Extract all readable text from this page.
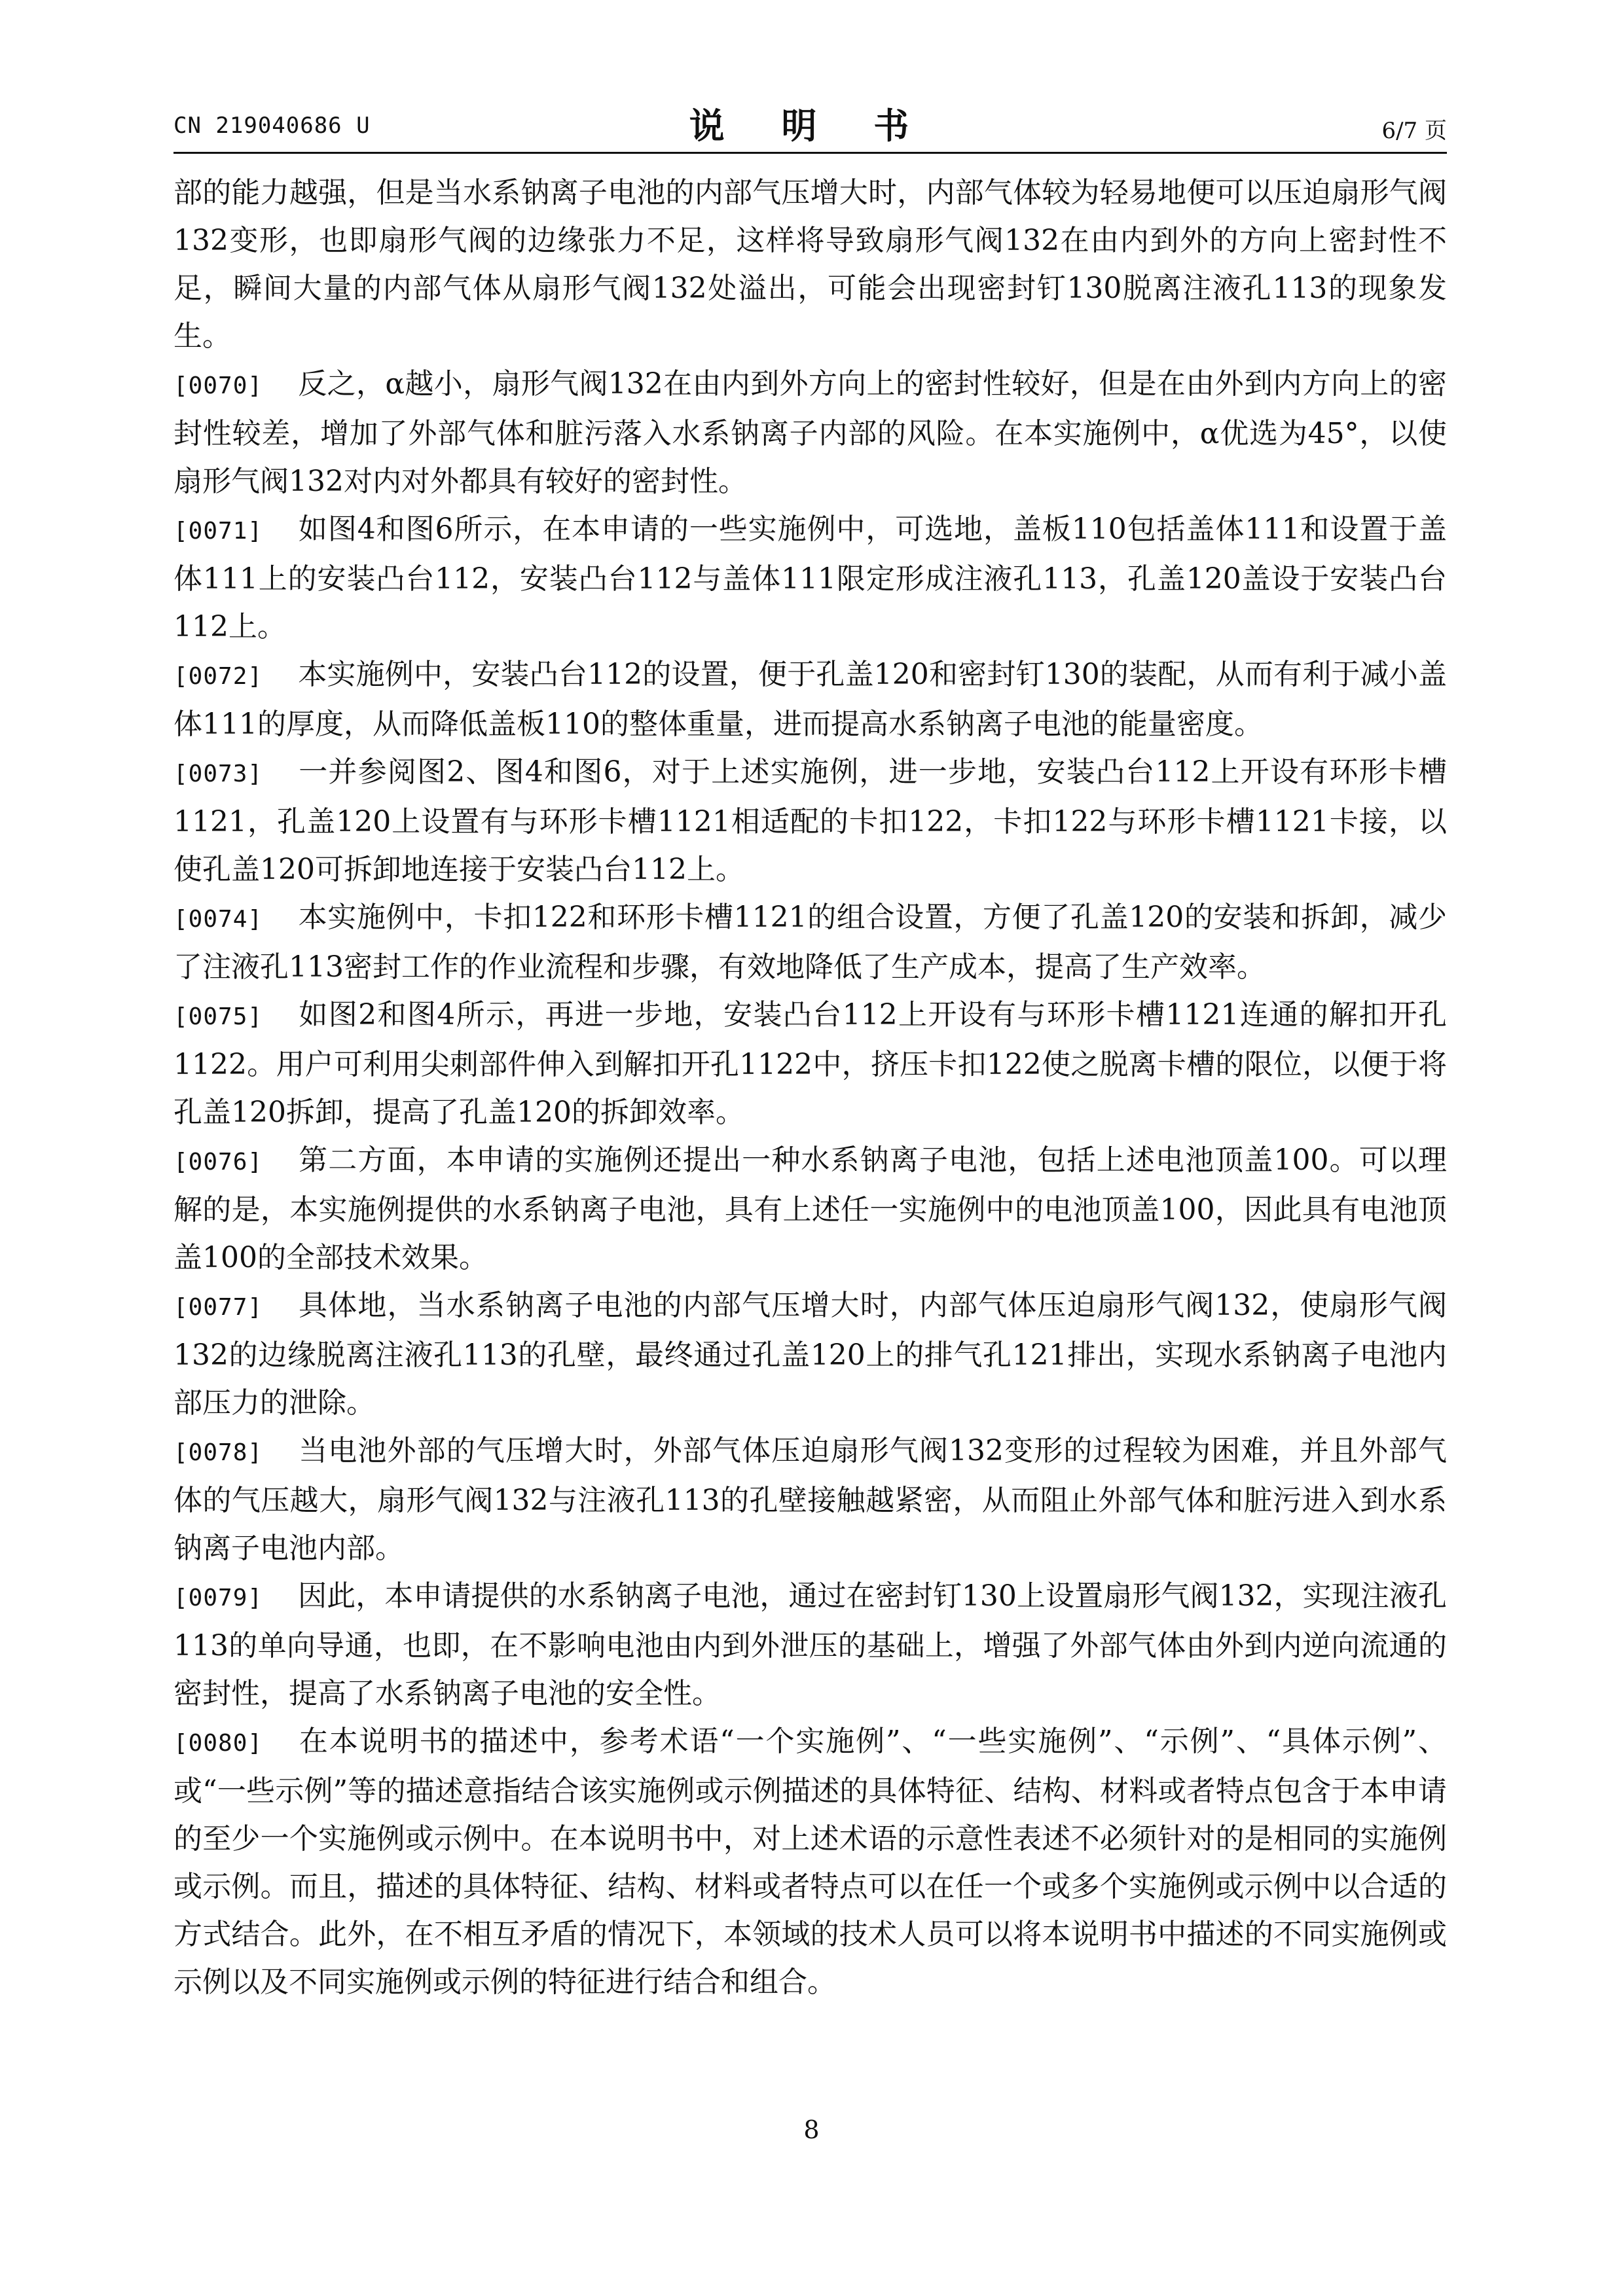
CN 219040686 U	说 明 书	6/7 页

部的能力越强，但是当水系钠离子电池的内部气压增大时，内部气体较为轻易地便可以压迫扇形气阀132变形，也即扇形气阀的边缘张力不足，这样将导致扇形气阀132在由内到外的方向上密封性不足，瞬间大量的内部气体从扇形气阀132处溢出，可能会出现密封钉130脱离注液孔113的现象发生。

[0070] 反之，α越小，扇形气阀132在由内到外方向上的密封性较好，但是在由外到内方向上的密封性较差，增加了外部气体和脏污落入水系钠离子内部的风险。在本实施例中，α优选为45°，以使扇形气阀132对内对外都具有较好的密封性。

[0071] 如图4和图6所示，在本申请的一些实施例中，可选地，盖板110包括盖体111和设置于盖体111上的安装凸台112，安装凸台112与盖体111限定形成注液孔113，孔盖120盖设于安装凸台112上。

[0072] 本实施例中，安装凸台112的设置，便于孔盖120和密封钉130的装配，从而有利于减小盖体111的厚度，从而降低盖板110的整体重量，进而提高水系钠离子电池的能量密度。

[0073] 一并参阅图2、图4和图6，对于上述实施例，进一步地，安装凸台112上开设有环形卡槽1121，孔盖120上设置有与环形卡槽1121相适配的卡扣122，卡扣122与环形卡槽1121卡接，以使孔盖120可拆卸地连接于安装凸台112上。

[0074] 本实施例中，卡扣122和环形卡槽1121的组合设置，方便了孔盖120的安装和拆卸，减少了注液孔113密封工作的作业流程和步骤，有效地降低了生产成本，提高了生产效率。

[0075] 如图2和图4所示，再进一步地，安装凸台112上开设有与环形卡槽1121连通的解扣开孔1122。用户可利用尖刺部件伸入到解扣开孔1122中，挤压卡扣122使之脱离卡槽的限位，以便于将孔盖120拆卸，提高了孔盖120的拆卸效率。

[0076] 第二方面，本申请的实施例还提出一种水系钠离子电池，包括上述电池顶盖100。可以理解的是，本实施例提供的水系钠离子电池，具有上述任一实施例中的电池顶盖100，因此具有电池顶盖100的全部技术效果。

[0077] 具体地，当水系钠离子电池的内部气压增大时，内部气体压迫扇形气阀132，使扇形气阀132的边缘脱离注液孔113的孔壁，最终通过孔盖120上的排气孔121排出，实现水系钠离子电池内部压力的泄除。

[0078] 当电池外部的气压增大时，外部气体压迫扇形气阀132变形的过程较为困难，并且外部气体的气压越大，扇形气阀132与注液孔113的孔壁接触越紧密，从而阻止外部气体和脏污进入到水系钠离子电池内部。

[0079] 因此，本申请提供的水系钠离子电池，通过在密封钉130上设置扇形气阀132，实现注液孔113的单向导通，也即，在不影响电池由内到外泄压的基础上，增强了外部气体由外到内逆向流通的密封性，提高了水系钠离子电池的安全性。

[0080] 在本说明书的描述中，参考术语“一个实施例”、“一些实施例”、“示例”、“具体示例”、或“一些示例”等的描述意指结合该实施例或示例描述的具体特征、结构、材料或者特点包含于本申请的至少一个实施例或示例中。在本说明书中，对上述术语的示意性表述不必须针对的是相同的实施例或示例。而且，描述的具体特征、结构、材料或者特点可以在任一个或多个实施例或示例中以合适的方式结合。此外，在不相互矛盾的情况下，本领域的技术人员可以将本说明书中描述的不同实施例或示例以及不同实施例或示例的特征进行结合和组合。

8
